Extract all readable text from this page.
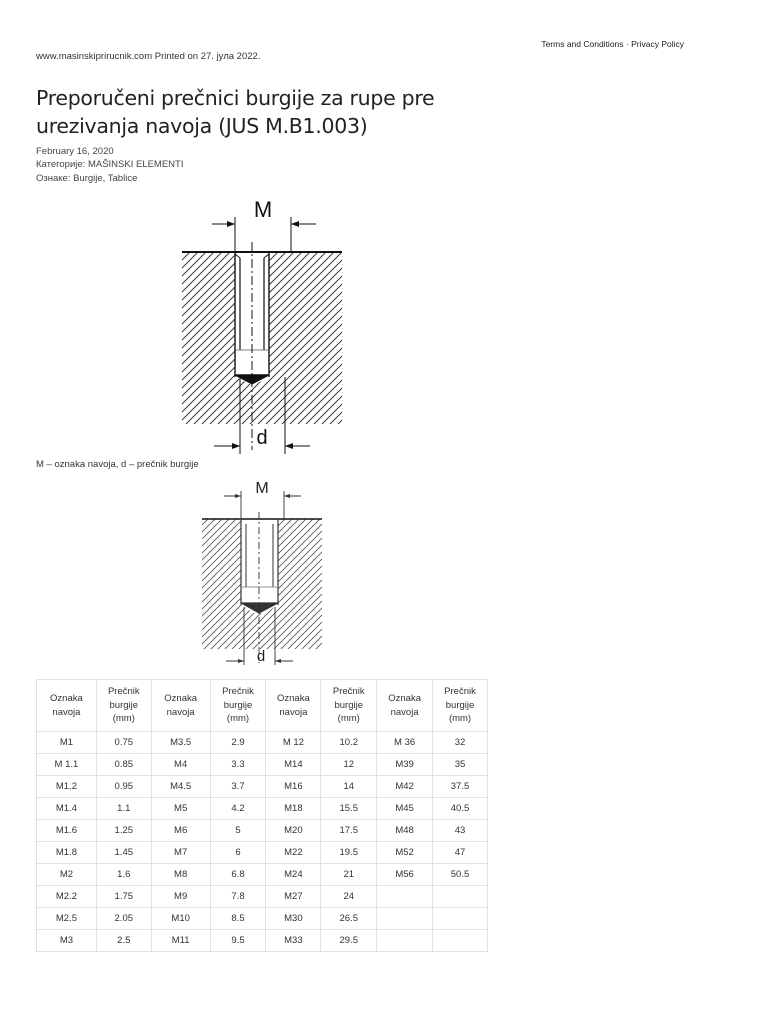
Terms and Conditions · Privacy Policy
www.masinskiprirucnik.com Printed on 27. јула 2022.
Preporučeni prečnici burgije za rupe pre urezivanja navoja (JUS M.B1.003)
February 16, 2020
Категорије: MAŠINSKI ELEMENTI
Ознаке: Burgije, Tablice
M
d
M – oznaka navoja, d – prečnik burgije
M
d
Oznaka navoja	Prečnik burgije (mm)	Oznaka navoja	Prečnik burgije (mm)	Oznaka navoja	Prečnik burgije (mm)	Oznaka navoja	Prečnik burgije (mm)
M1	0.75	M3.5	2.9	M 12	10.2	M 36	32
M 1.1	0.85	M4	3.3	M14	12	M39	35
M1.2	0.95	M4.5	3.7	M16	14	M42	37.5
M1.4	1.1	M5	4.2	M18	15.5	M45	40.5
M1.6	1.25	M6	5	M20	17.5	M48	43
M1.8	1.45	M7	6	M22	19.5	M52	47
M2	1.6	M8	6.8	M24	21	M56	50.5
M2.2	1.75	M9	7.8	M27	24		
M2.5	2.05	M10	8.5	M30	26.5		
M3	2.5	M11	9.5	M33	29.5		
